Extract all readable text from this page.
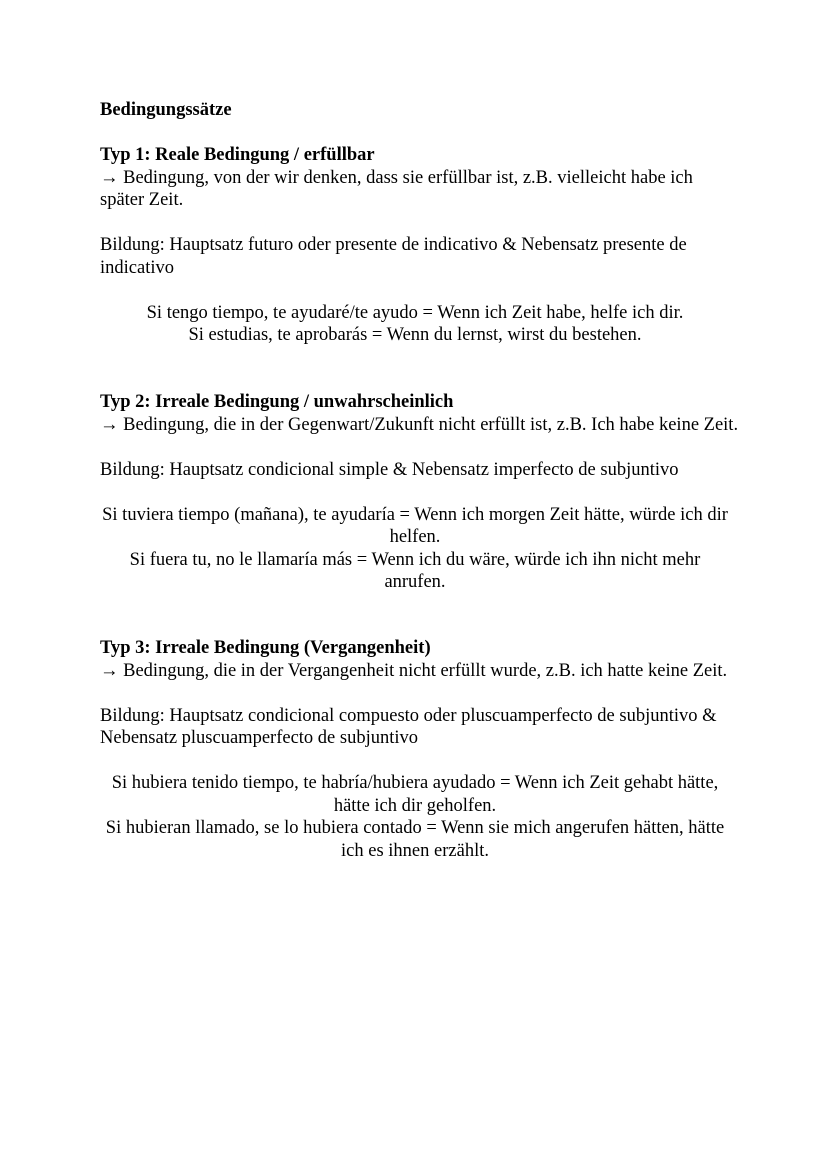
Bedingungssätze
Typ 1: Reale Bedingung / erfüllbar

→ Bedingung, von der wir denken, dass sie erfüllbar ist, z.B. vielleicht habe ich später Zeit.

Bildung: Hauptsatz futuro oder presente de indicativo & Nebensatz presente de indicativo

Si tengo tiempo, te ayudaré/te ayudo = Wenn ich Zeit habe, helfe ich dir.

Si estudias, te aprobarás = Wenn du lernst, wirst du bestehen.

Typ 2: Irreale Bedingung / unwahrscheinlich

→ Bedingung, die in der Gegenwart/Zukunft nicht erfüllt ist, z.B. Ich habe keine Zeit.

Bildung: Hauptsatz condicional simple & Nebensatz imperfecto de subjuntivo

Si tuviera tiempo (mañana), te ayudaría = Wenn ich morgen Zeit hätte, würde ich dir helfen.

Si fuera tu, no le llamaría más = Wenn ich du wäre, würde ich ihn nicht mehr anrufen.

Typ 3: Irreale Bedingung (Vergangenheit)

→ Bedingung, die in der Vergangenheit nicht erfüllt wurde, z.B. ich hatte keine Zeit.

Bildung: Hauptsatz condicional compuesto oder pluscuamperfecto de subjuntivo & Nebensatz pluscuamperfecto de subjuntivo

Si hubiera tenido tiempo, te habría/hubiera ayudado = Wenn ich Zeit gehabt hätte, hätte ich dir geholfen.

Si hubieran llamado, se lo hubiera contado = Wenn sie mich angerufen hätten, hätte ich es ihnen erzählt.
